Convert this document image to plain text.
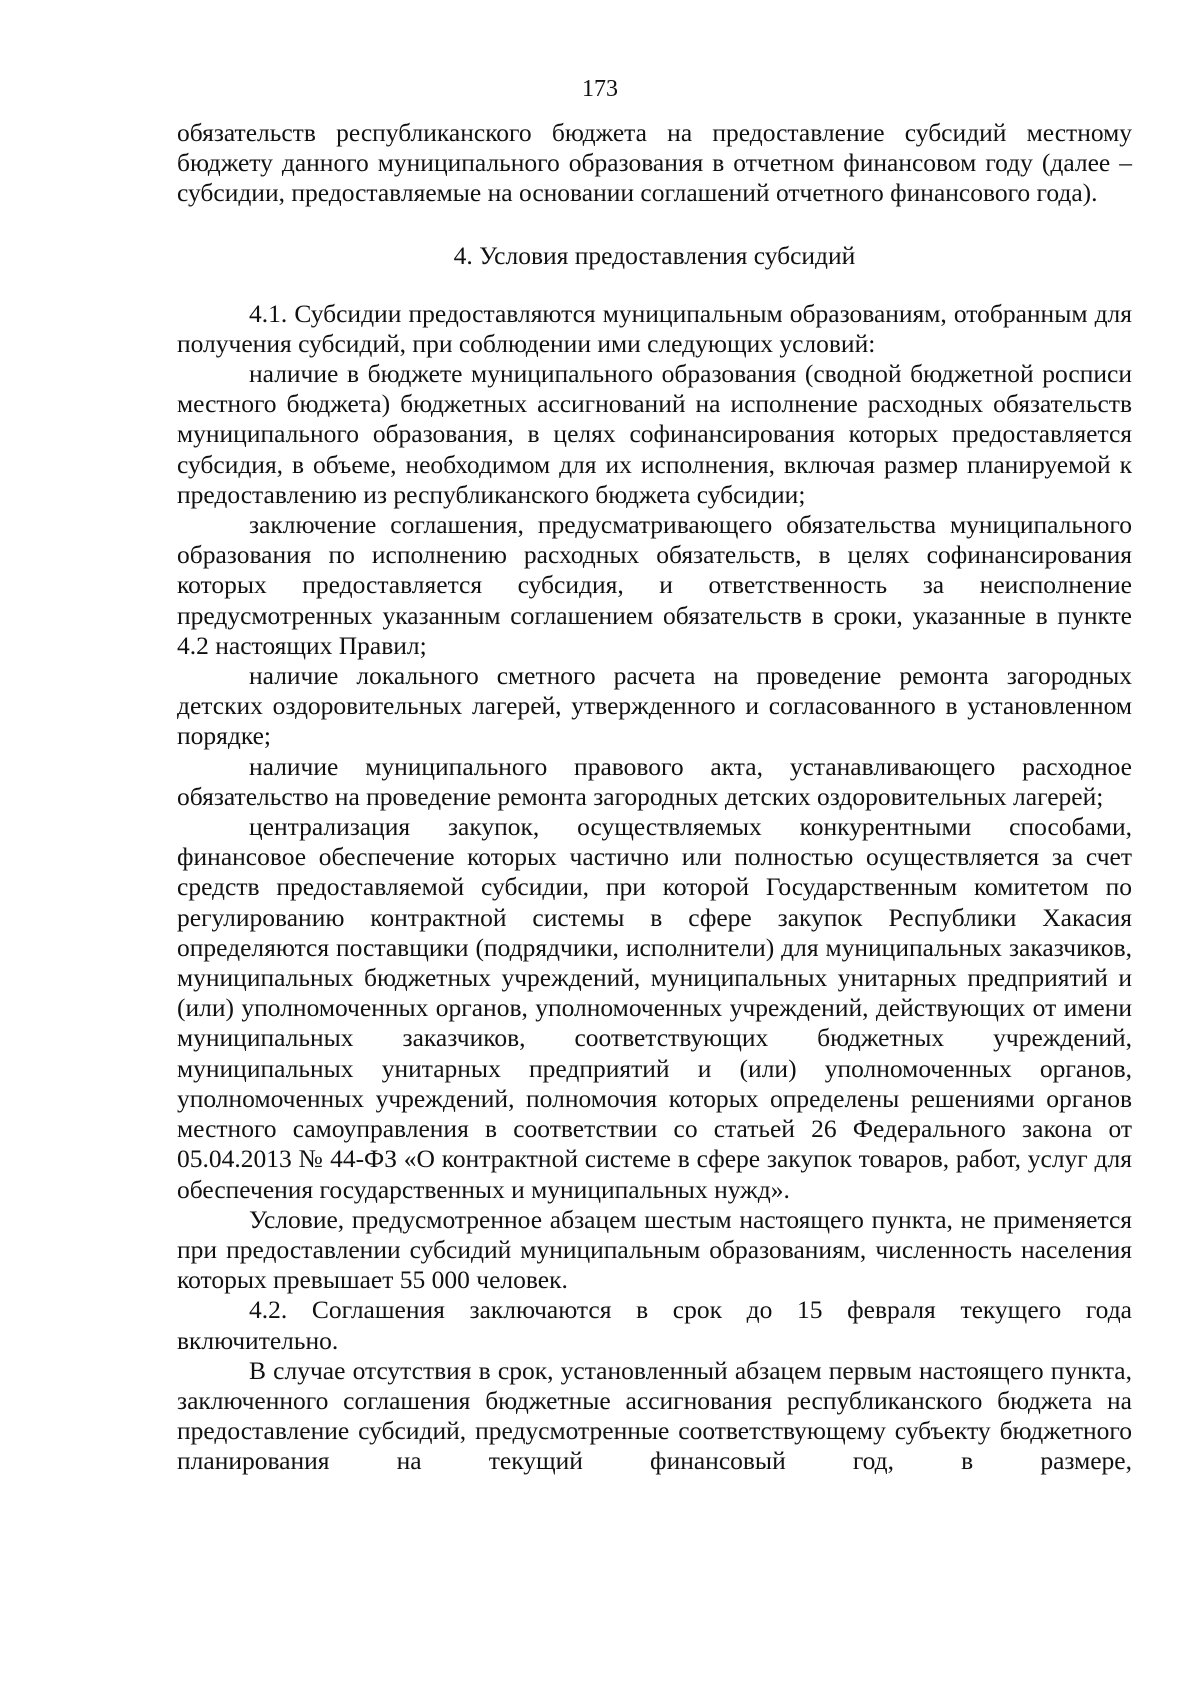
173

обязательств республиканского бюджета на предоставление субсидий местному бюджету данного муниципального образования в отчетном финансовом году (далее – субсидии, предоставляемые на основании соглашений отчетного финансового года).

4. Условия предоставления субсидий

4.1. Субсидии предоставляются муниципальным образованиям, отобранным для получения субсидий, при соблюдении ими следующих условий:

наличие в бюджете муниципального образования (сводной бюджетной росписи местного бюджета) бюджетных ассигнований на исполнение расходных обязательств муниципального образования, в целях софинансирования которых предоставляется субсидия, в объеме, необходимом для их исполнения, включая размер планируемой к предоставлению из республиканского бюджета субсидии;

заключение соглашения, предусматривающего обязательства муниципального образования по исполнению расходных обязательств, в целях софинансирования которых предоставляется субсидия, и ответственность за неисполнение предусмотренных указанным соглашением обязательств в сроки, указанные в пункте 4.2 настоящих Правил;

наличие локального сметного расчета на проведение ремонта загородных детских оздоровительных лагерей, утвержденного и согласованного в установленном порядке;

наличие муниципального правового акта, устанавливающего расходное обязательство на проведение ремонта загородных детских оздоровительных лагерей;

централизация закупок, осуществляемых конкурентными способами, финансовое обеспечение которых частично или полностью осуществляется за счет средств предоставляемой субсидии, при которой Государственным комитетом по регулированию контрактной системы в сфере закупок Республики Хакасия определяются поставщики (подрядчики, исполнители) для муниципальных заказчиков, муниципальных бюджетных учреждений, муниципальных унитарных предприятий и (или) уполномоченных органов, уполномоченных учреждений, действующих от имени муниципальных заказчиков, соответствующих бюджетных учреждений, муниципальных унитарных предприятий и (или) уполномоченных органов, уполномоченных учреждений, полномочия которых определены решениями органов местного самоуправления в соответствии со статьей 26 Федерального закона от 05.04.2013 № 44-ФЗ «О контрактной системе в сфере закупок товаров, работ, услуг для обеспечения государственных и муниципальных нужд».

Условие, предусмотренное абзацем шестым настоящего пункта, не применяется при предоставлении субсидий муниципальным образованиям, численность населения которых превышает 55 000 человек.

4.2. Соглашения заключаются в срок до 15 февраля текущего года включительно.

В случае отсутствия в срок, установленный абзацем первым настоящего пункта, заключенного соглашения бюджетные ассигнования республиканского бюджета на предоставление субсидий, предусмотренные соответствующему субъекту бюджетного планирования на текущий финансовый год, в размере,
